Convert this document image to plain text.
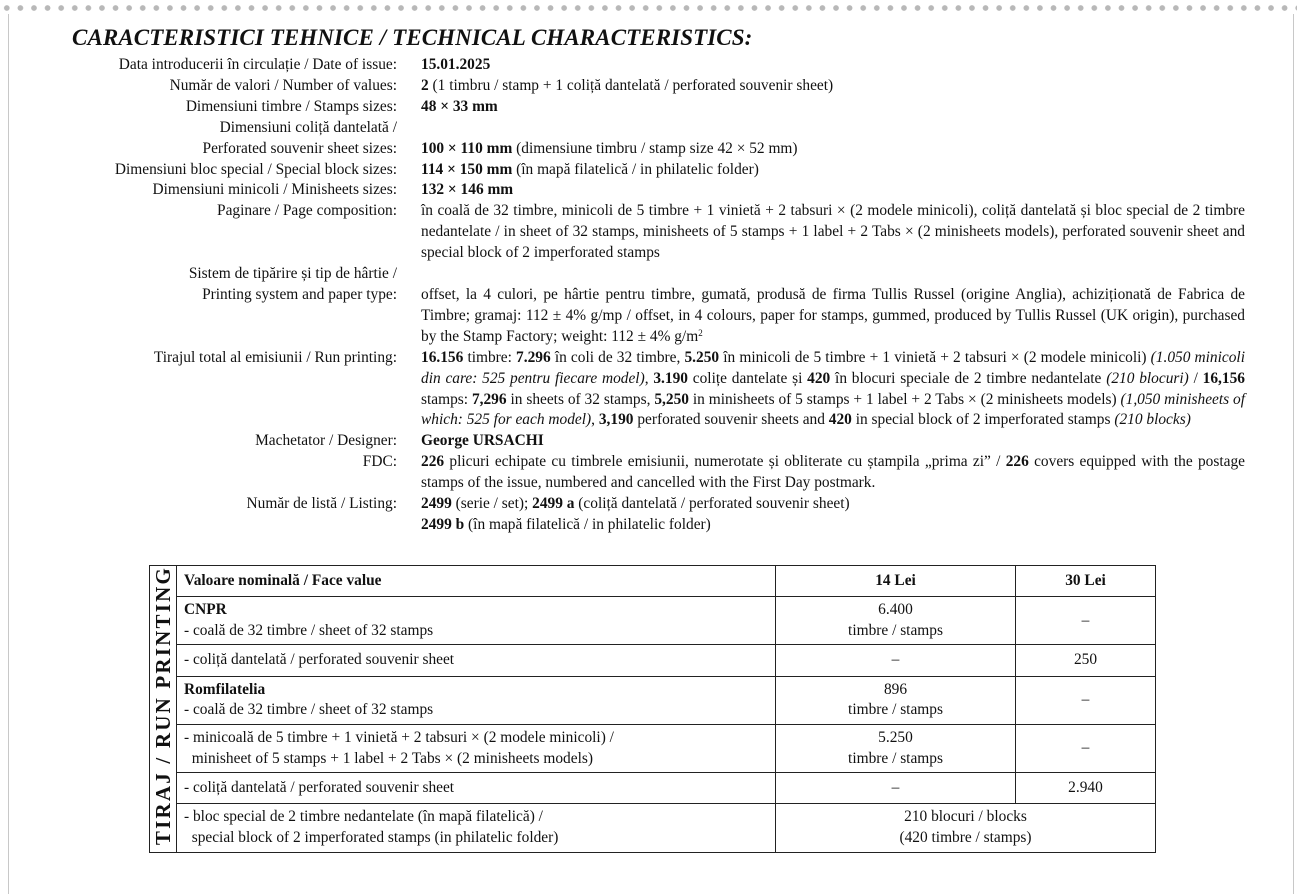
CARACTERISTICI TEHNICE / TECHNICAL CHARACTERISTICS:
Data introducerii în circulație / Date of issue: 15.01.2025
Număr de valori / Number of values: 2 (1 timbru / stamp + 1 coliță dantelată / perforated souvenir sheet)
Dimensiuni timbre / Stamps sizes: 48 × 33 mm
Dimensiuni coliță dantelată /
Perforated souvenir sheet sizes: 100 × 110 mm (dimensiune timbru / stamp size 42 × 52 mm)
Dimensiuni bloc special / Special block sizes: 114 × 150 mm (în mapă filatelică / in philatelic folder)
Dimensiuni minicoli / Minisheets sizes: 132 × 146 mm
Paginare / Page composition: în coală de 32 timbre, minicoli de 5 timbre + 1 vinietă + 2 tabsuri × (2 modele minicoli), coliță dantelată și bloc special de 2 timbre nedantelate / in sheet of 32 stamps, minisheets of 5 stamps + 1 label + 2 Tabs × (2 minisheets models), perforated souvenir sheet and special block of 2 imperforated stamps
Sistem de tipărire și tip de hârtie /
Printing system and paper type: offset, la 4 culori, pe hârtie pentru timbre, gumată, produsă de firma Tullis Russel (origine Anglia), achiziționată de Fabrica de Timbre; gramaj: 112 ± 4% g/mp / offset, in 4 colours, paper for stamps, gummed, produced by Tullis Russel (UK origin), purchased by the Stamp Factory; weight: 112 ± 4% $g/m^2$
Tirajul total al emisiunii / Run printing: 16.156 timbre: 7.296 în coli de 32 timbre, 5.250 în minicoli de 5 timbre + 1 vinietă + 2 tabsuri × (2 modele minicoli) (1.050 minicoli din care: 525 pentru fiecare model), 3.190 colițe dantelate și 420 în blocuri speciale de 2 timbre nedantelate (210 blocuri) / 16,156 stamps: 7,296 in sheets of 32 stamps, 5,250 in minisheets of 5 stamps + 1 label + 2 Tabs × (2 minisheets models) (1,050 minisheets of which: 525 for each model), 3,190 perforated souvenir sheets and 420 in special block of 2 imperforated stamps (210 blocks)
Machetator / Designer: George URSACHI
FDC: 226 plicuri echipate cu timbrele emisiunii, numerotate și obliterate cu ștampila „prima zi” / 226 covers equipped with the postage stamps of the issue, numbered and cancelled with the First Day postmark.
Număr de listă / Listing: 2499 (serie / set); 2499 a (coliță dantelată / perforated souvenir sheet)
2499 b (în mapă filatelică / in philatelic folder)
TIRAJ / RUN PRINTING	Valoare nominală / Face value	14 Lei	30 Lei
	CNPR
- coală de 32 timbre / sheet of 32 stamps	6.400
timbre / stamps	–
	- coliță dantelată / perforated souvenir sheet	–	250
	Romfilatelia
- coală de 32 timbre / sheet of 32 stamps	896
timbre / stamps	–
	- minicoală de 5 timbre + 1 vinietă + 2 tabsuri × (2 modele minicoli) /
minisheet of 5 stamps + 1 label + 2 Tabs × (2 minisheets models)	5.250
timbre / stamps	–
	- coliță dantelată / perforated souvenir sheet	–	2.940
	- bloc special de 2 timbre nedantelate (în mapă filatelică) /
special block of 2 imperforated stamps (in philatelic folder)	210 blocuri / blocks
(420 timbre / stamps)	
